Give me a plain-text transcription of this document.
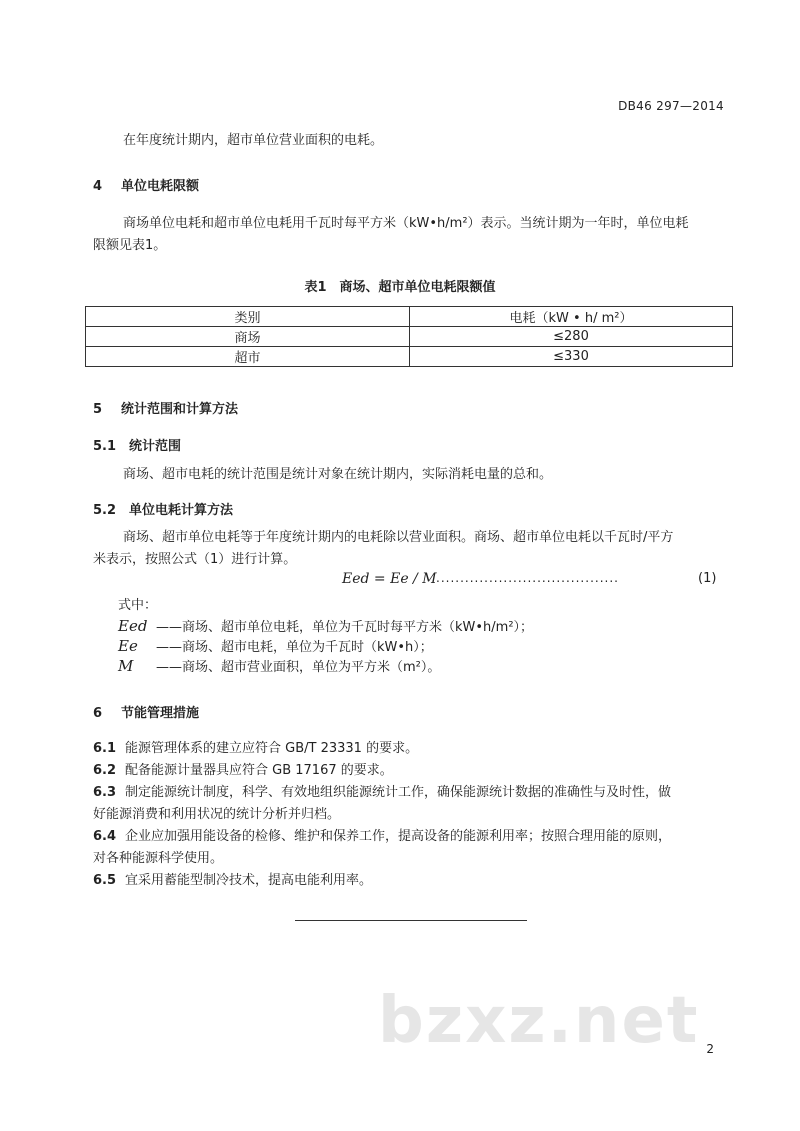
DB46 297—2014
在年度统计期内，超市单位营业面积的电耗。
4 单位电耗限额
商场单位电耗和超市单位电耗用千瓦时每平方米（kW•h/m²）表示。当统计期为一年时，单位电耗
限额见表1。
表1　商场、超市单位电耗限额值
类别	电耗（kW • h/ m²）
商场	≤280
超市	≤330
5 统计范围和计算方法
5.1 统计范围
商场、超市电耗的统计范围是统计对象在统计期内，实际消耗电量的总和。
5.2 单位电耗计算方法
商场、超市单位电耗等于年度统计期内的电耗除以营业面积。商场、超市单位电耗以千瓦时/平方
米表示，按照公式（1）进行计算。
Eed = Ee / M ......................................	(1)
式中：
Eed ——商场、超市单位电耗，单位为千瓦时每平方米（kW•h/m²）；
Ee ——商场、超市电耗，单位为千瓦时（kW•h）；
M ——商场、超市营业面积，单位为平方米（m²）。
6 节能管理措施
6.1 能源管理体系的建立应符合 GB/T 23331 的要求。
6.2 配备能源计量器具应符合 GB 17167 的要求。
6.3 制定能源统计制度，科学、有效地组织能源统计工作，确保能源统计数据的准确性与及时性，做
好能源消费和利用状况的统计分析并归档。
6.4 企业应加强用能设备的检修、维护和保养工作，提高设备的能源利用率；按照合理用能的原则，
对各种能源科学使用。
6.5 宜采用蓄能型制冷技术，提高电能利用率。
bzxz.net 2
